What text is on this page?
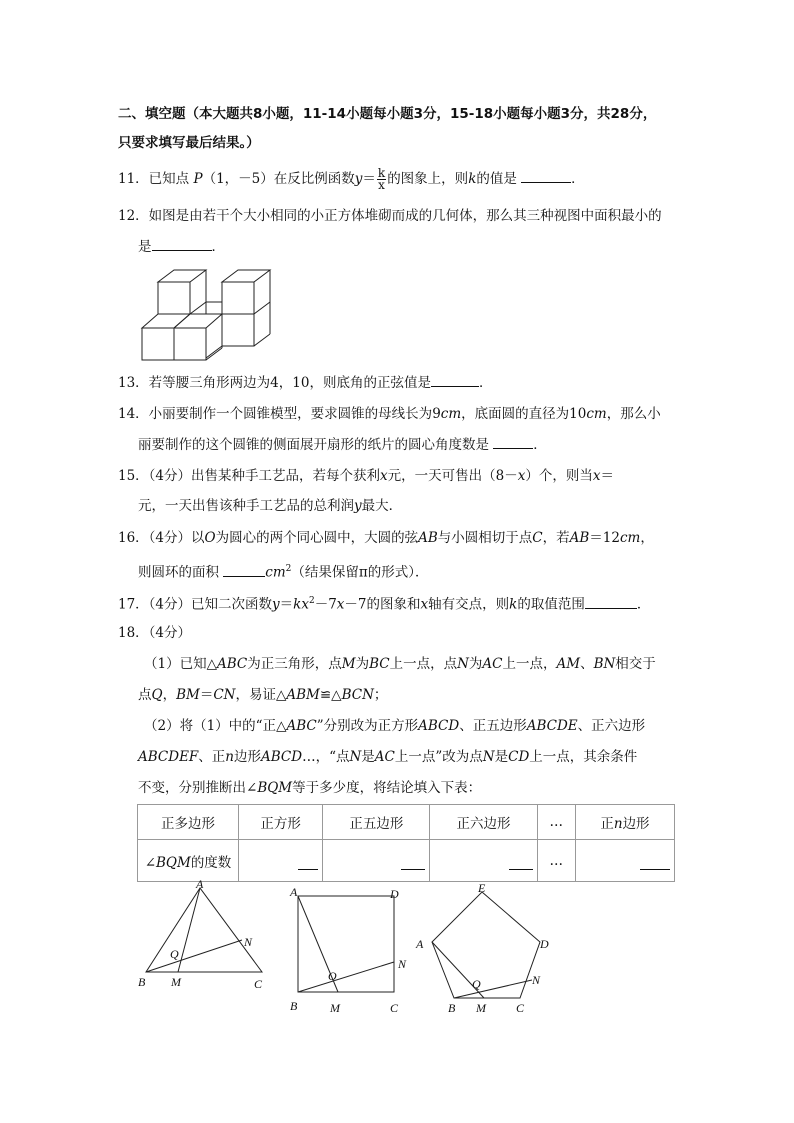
二、填空题（本大题共8小题，11-14小题每小题3分，15-18小题每小题3分，共28分，
只要求填写最后结果。）
11．已知点 P（1，－5）在反比例函数$y= \frac{k}{x}$ 的图象上，则k的值是	．
12．如图是由若干个大小相同的小正方体堆砌而成的几何体，那么其三种视图中面积最小的
是	．
13．若等腰三角形两边为4，10，则底角的正弦值是	．
14．小丽要制作一个圆锥模型，要求圆锥的母线长为9cm，底面圆的直径为10cm，那么小
丽要制作的这个圆锥的侧面展开扇形的纸片的圆心角度数是	．
15．（4分）出售某种手工艺品，若每个获利x元，一天可售出（8－x）个，则当x＝
元，一天出售该种手工艺品的总利润y最大．
16．（4分）以O为圆心的两个同心圆中，大圆的弦AB与小圆相切于点C，若AB＝12cm，
则圆环的面积	$cm^2$（结果保留π的形式）．
17．（4分）已知二次函数$y=kx^2-7x-7$的图象和x轴有交点，则k的取值范围	．
18．（4分）
（1）已知△ABC为正三角形，点M为BC上一点，点N为AC上一点，AM、BN相交于
点Q，BM＝CN，易证△ABM≌△BCN；
（2）将（1）中的“正△ABC”分别改为正方形ABCD、正五边形ABCDE、正六边形
ABCDEF、正n边形ABCD…，“点N是AC上一点”改为点N是CD上一点，其余条件
不变，分别推断出∠BQM等于多少度，将结论填入下表：
正多边形	正方形	正五边形	正六边形	…	正n边形
∠BQM的度数				…	
A
B	C
M
N
Q
A	D
B	C
M
N
O
E
A	D
B	C
M
N
Q
